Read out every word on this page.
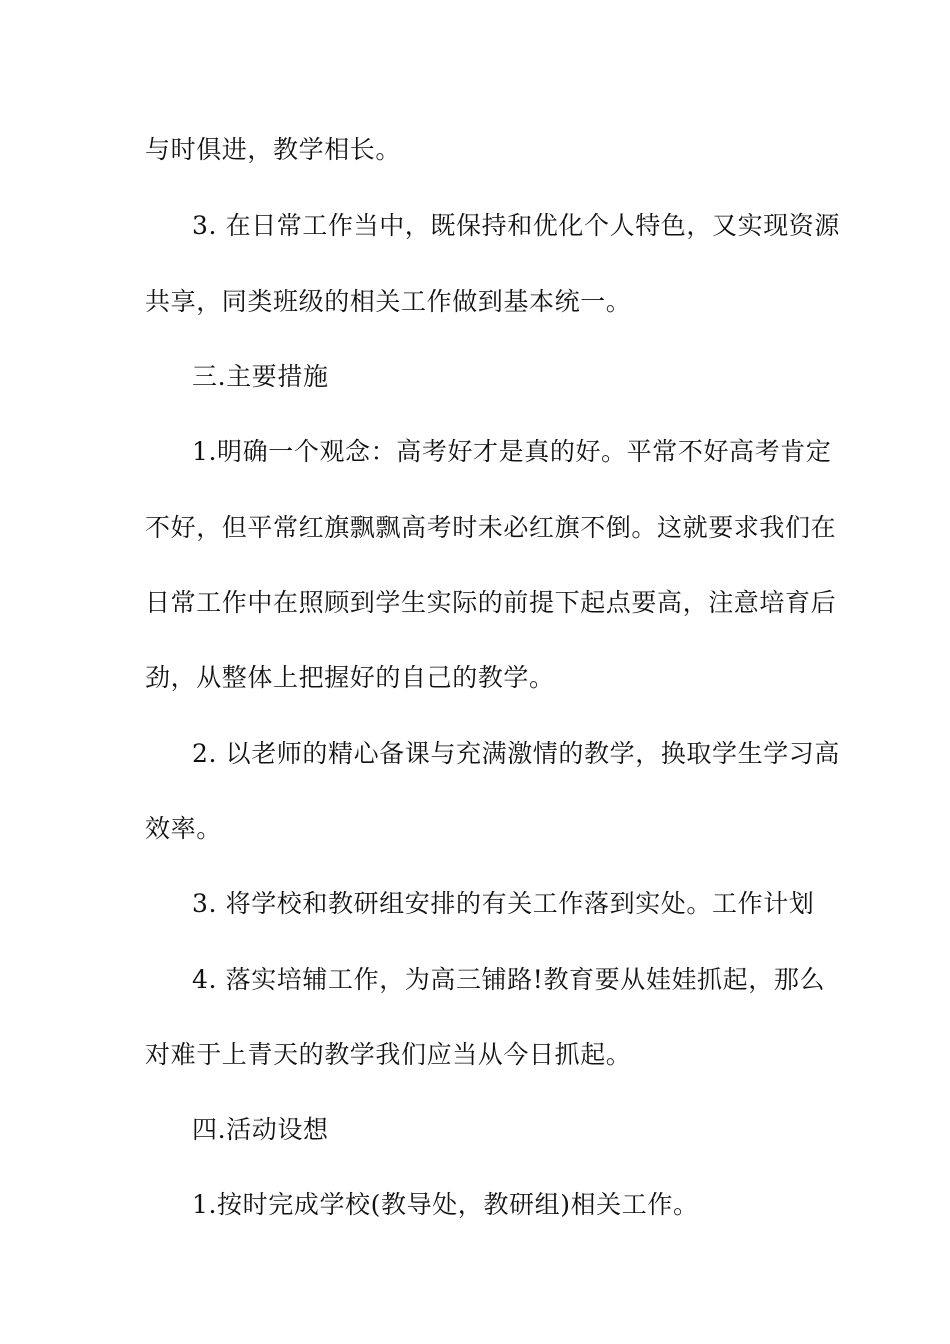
与时俱进，教学相长。

3. 在日常工作当中，既保持和优化个人特色，又实现资源

共享，同类班级的相关工作做到基本统一。

三.主要措施

1.明确一个观念：高考好才是真的好。平常不好高考肯定

不好，但平常红旗飘飘高考时未必红旗不倒。这就要求我们在

日常工作中在照顾到学生实际的前提下起点要高，注意培育后

劲，从整体上把握好的自己的教学。

2. 以老师的精心备课与充满激情的教学，换取学生学习高

效率。

3. 将学校和教研组安排的有关工作落到实处。工作计划

4. 落实培辅工作，为高三铺路!教育要从娃娃抓起，那么

对难于上青天的教学我们应当从今日抓起。

四.活动设想

1.按时完成学校(教导处，教研组)相关工作。
